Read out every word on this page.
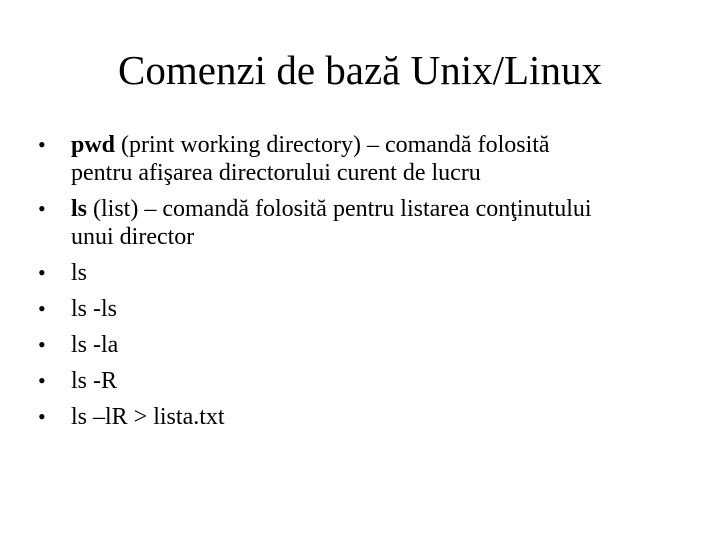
Comenzi de bază Unix/Linux
•	pwd (print working directory) – comandă folosită
pentru afişarea directorului curent de lucru
•	ls (list) – comandă folosită pentru listarea conţinutului
unui director
•	ls
•	ls -ls
•	ls -la
•	ls -R
•	ls –lR > lista.txt
